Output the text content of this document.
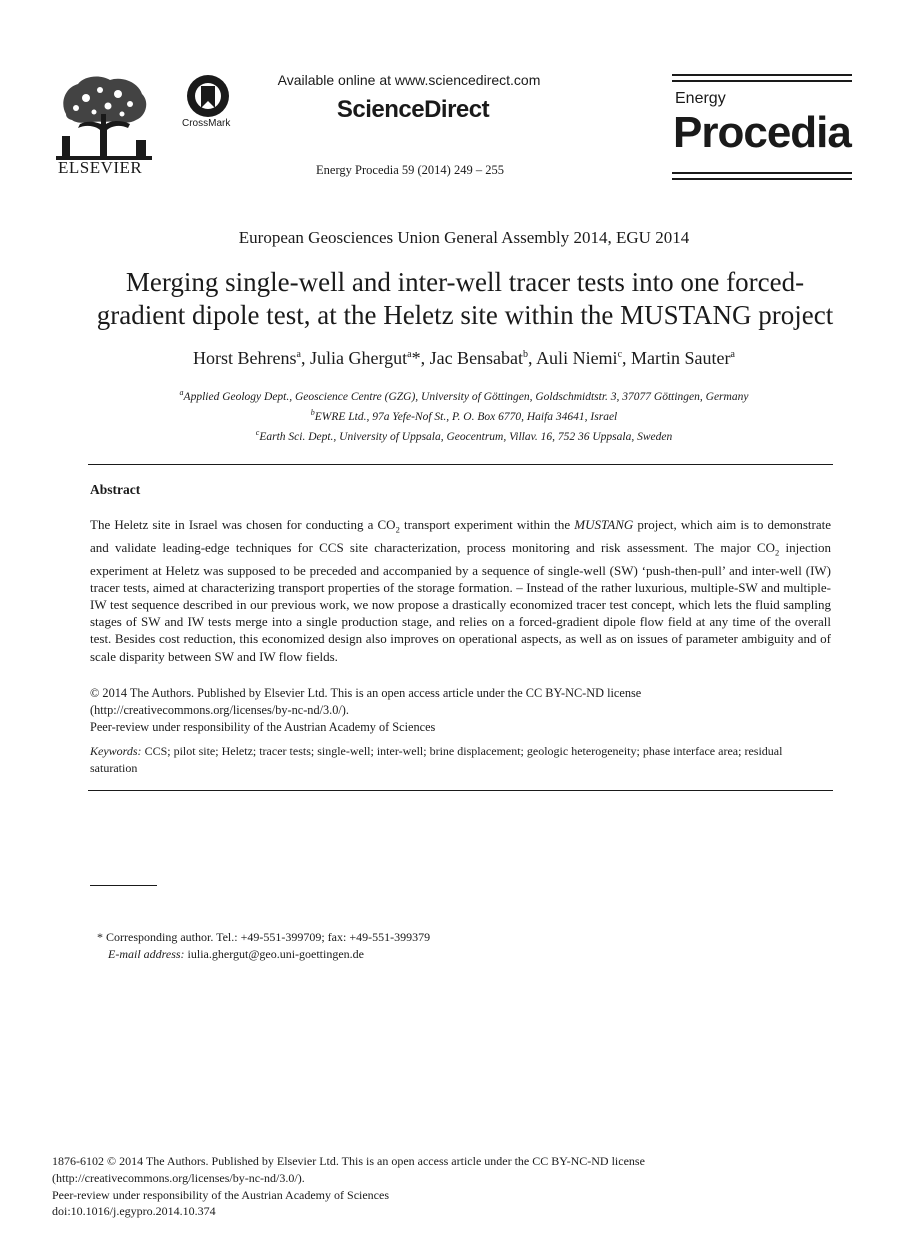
ELSEVIER
CrossMark
Available online at www.sciencedirect.com
ScienceDirect
Energy Procedia 59 (2014) 249 – 255
Energy
Procedia
European Geosciences Union General Assembly 2014, EGU 2014
Merging single-well and inter-well tracer tests into one forced-
gradient dipole test, at the Heletz site within the MUSTANG project
Horst Behrens$^a$, Julia Ghergut$^a$*, Jac Bensabat$^b$, Auli Niemi$^c$, Martin Sauter$^a$
$^a$Applied Geology Dept., Geoscience Centre (GZG), University of Göttingen, Goldschmidtstr. 3, 37077 Göttingen, Germany
$^b$EWRE Ltd., 97a Yefe-Nof St., P. O. Box 6770, Haifa 34641, Israel
$^c$Earth Sci. Dept., University of Uppsala, Geocentrum, Villav. 16, 752 36 Uppsala, Sweden
Abstract
The Heletz site in Israel was chosen for conducting a $CO_2$ transport experiment within the MUSTANG project, which aim is to demonstrate and validate leading-edge techniques for CCS site characterization, process monitoring and risk assessment. The major $CO_2$ injection experiment at Heletz was supposed to be preceded and accompanied by a sequence of single-well (SW) ‘push-then-pull’ and inter-well (IW) tracer tests, aimed at characterizing transport properties of the storage formation. – Instead of the rather luxurious, multiple-SW and multiple-IW test sequence described in our previous work, we now propose a drastically economized tracer test concept, which lets the fluid sampling stages of SW and IW tests merge into a single production stage, and relies on a forced-gradient dipole flow field at any time of the overall test. Besides cost reduction, this economized design also improves on operational aspects, as well as on issues of parameter ambiguity and of scale disparity between SW and IW flow fields.
© 2014 The Authors. Published by Elsevier Ltd. This is an open access article under the CC BY-NC-ND license
(http://creativecommons.org/licenses/by-nc-nd/3.0/).
Peer-review under responsibility of the Austrian Academy of Sciences
Keywords: CCS; pilot site; Heletz; tracer tests; single-well; inter-well; brine displacement; geologic heterogeneity; phase interface area; residual saturation
* Corresponding author. Tel.: +49-551-399709; fax: +49-551-399379
E-mail address: iulia.ghergut@geo.uni-goettingen.de
1876-6102 © 2014 The Authors. Published by Elsevier Ltd. This is an open access article under the CC BY-NC-ND license
(http://creativecommons.org/licenses/by-nc-nd/3.0/).
Peer-review under responsibility of the Austrian Academy of Sciences
doi:10.1016/j.egypro.2014.10.374
